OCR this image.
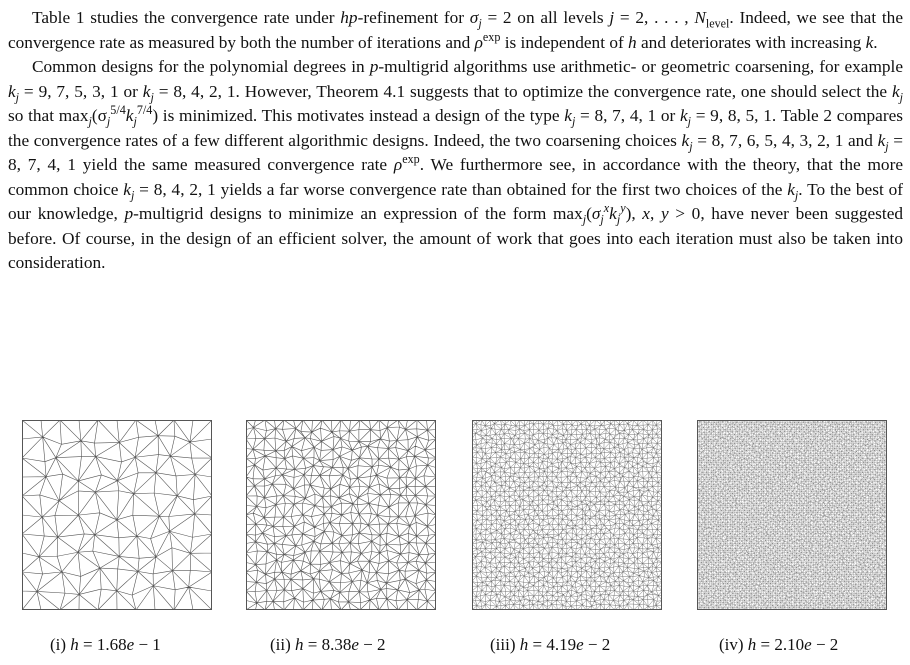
Table 1 studies the convergence rate under hp-refinement for $\sigma_j = 2$ on all levels j = 2, . . . , $N_{level}$. Indeed, we see that the convergence rate as measured by both the number of iterations and $\rho^{exp}$ is independent of h and deteriorates with increasing k.

Common designs for the polynomial degrees in p-multigrid algorithms use arithmetic- or geometric coarsening, for example $k_j = 9$, 7, 5, 3, 1 or $k_j = 8$, 4, 2, 1. However, Theorem 4.1 suggests that to optimize the convergence rate, one should select the $k_j$ so that $\max_j(\sigma_j^{5/4}k_j^{7/4})$ is minimized. This motivates instead a design of the type $k_j = 8$, 7, 4, 1 or $k_j = 9$, 8, 5, 1. Table 2 compares the convergence rates of a few different algorithmic designs. Indeed, the two coarsening choices $k_j = 8$, 7, 6, 5, 4, 3, 2, 1 and $k_j = 8$, 7, 4, 1 yield the same measured convergence rate $\rho^{exp}$. We furthermore see, in accordance with the theory, that the more common choice $k_j = 8$, 4, 2, 1 yields a far worse convergence rate than obtained for the first two choices of the $k_j$. To the best of our knowledge, p-multigrid designs to minimize an expression of the form $\max_j(\sigma_j^xk_j^y)$, x, y > 0, have never been suggested before. Of course, in the design of an efficient solver, the amount of work that goes into each iteration must also be taken into consideration.

(i) h = 1.68e − 1	(ii) h = 8.38e − 2	(iii) h = 4.19e − 2	(iv) h = 2.10e − 2
